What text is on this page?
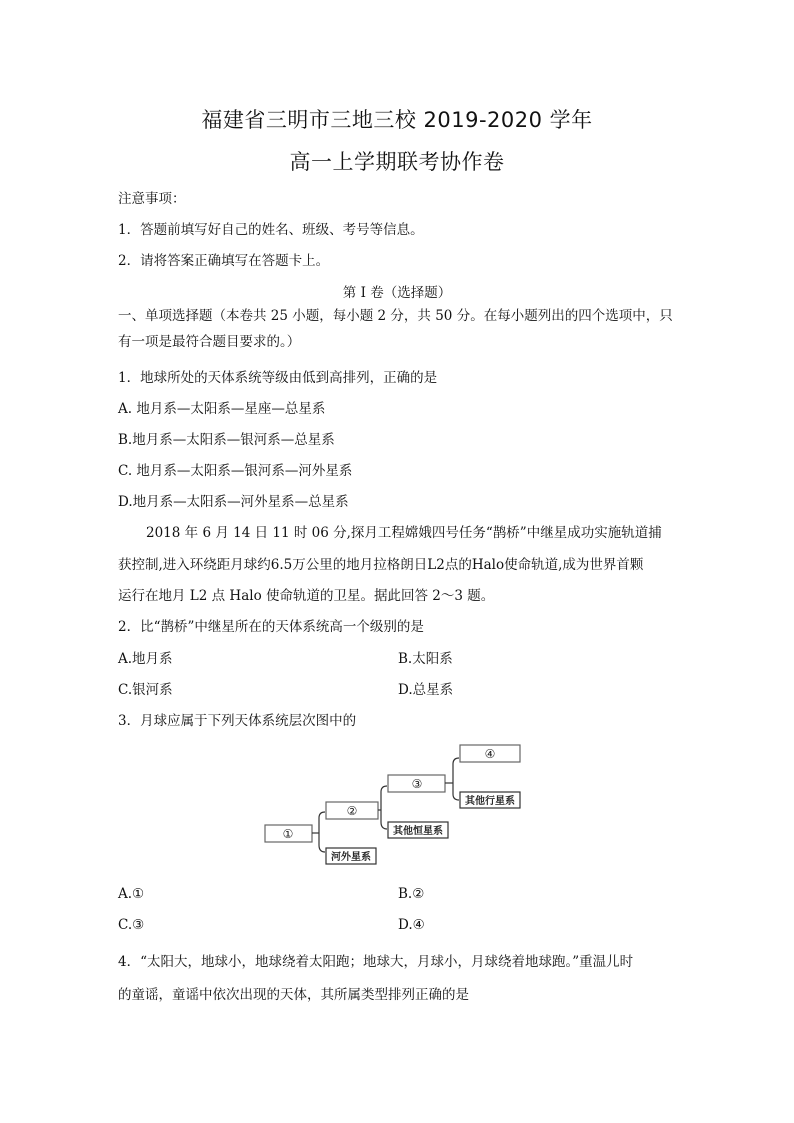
福建省三明市三地三校 2019-2020 学年
高一上学期联考协作卷
注意事项：
1．答题前填写好自己的姓名、班级、考号等信息。
2．请将答案正确填写在答题卡上。
第 I 卷（选择题）
一、单项选择题（本卷共 25 小题，每小题 2 分，共 50 分。在每小题列出的四个选项中，只
有一项是最符合题目要求的。）
1．地球所处的天体系统等级由低到高排列，正确的是
A. 地月系—太阳系—星座—总星系
B.地月系—太阳系—银河系—总星系
C. 地月系—太阳系—银河系—河外星系
D.地月系—太阳系—河外星系—总星系
2018 年 6 月 14 日 11 时 06 分,探月工程嫦娥四号任务“鹊桥”中继星成功实施轨道捕
获控制,进入环绕距月球约6.5万公里的地月拉格朗日L2点的Halo使命轨道,成为世界首颗
运行在地月 L2 点 Halo 使命轨道的卫星。据此回答 2～3 题。
2．比“鹊桥”中继星所在的天体系统高一个级别的是
A.地月系	B.太阳系
C.银河系	D.总星系
3．月球应属于下列天体系统层次图中的
①
②
③
④
河外星系
其他恒星系
其他行星系
A.①	B.②
C.③	D.④
4．“太阳大，地球小，地球绕着太阳跑；地球大，月球小，月球绕着地球跑。”重温儿时
的童谣，童谣中依次出现的天体，其所属类型排列正确的是
